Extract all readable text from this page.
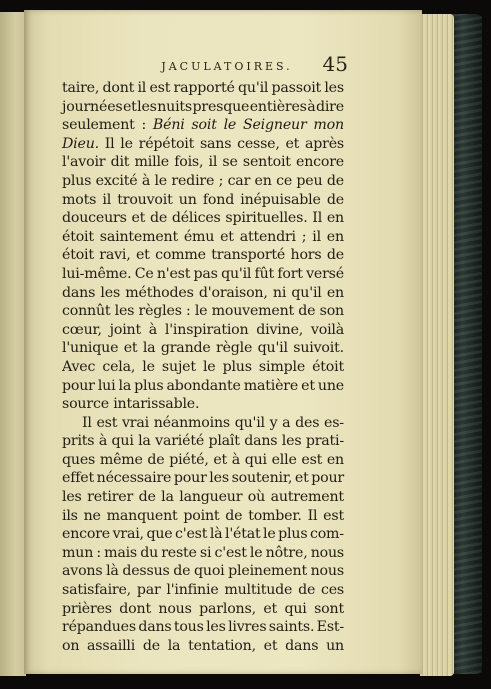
JACULATOIRES.	45
taire, dont il est rapporté qu'il passoit les
journées et les nuits presque entières à dire
seulement : Béni soit le Seigneur mon
Dieu. Il le répétoit sans cesse, et après
l'avoir dit mille fois, il se sentoit encore
plus excité à le redire ; car en ce peu de
mots il trouvoit un fond inépuisable de
douceurs et de délices spirituelles. Il en
étoit saintement ému et attendri ; il en
étoit ravi, et comme transporté hors de
lui-même. Ce n'est pas qu'il fût fort versé
dans les méthodes d'oraison, ni qu'il en
connût les règles : le mouvement de son
cœur, joint à l'inspiration divine, voilà
l'unique et la grande règle qu'il suivoit.
Avec cela, le sujet le plus simple étoit
pour lui la plus abondante matière et une
source intarissable.
Il est vrai néanmoins qu'il y a des es-
prits à qui la variété plaît dans les prati-
ques même de piété, et à qui elle est en
effet nécessaire pour les soutenir, et pour
les retirer de la langueur où autrement
ils ne manquent point de tomber. Il est
encore vrai, que c'est là l'état le plus com-
mun : mais du reste si c'est le nôtre, nous
avons là dessus de quoi pleinement nous
satisfaire, par l'infinie multitude de ces
prières dont nous parlons, et qui sont
répandues dans tous les livres saints. Est-
on assailli de la tentation, et dans un
